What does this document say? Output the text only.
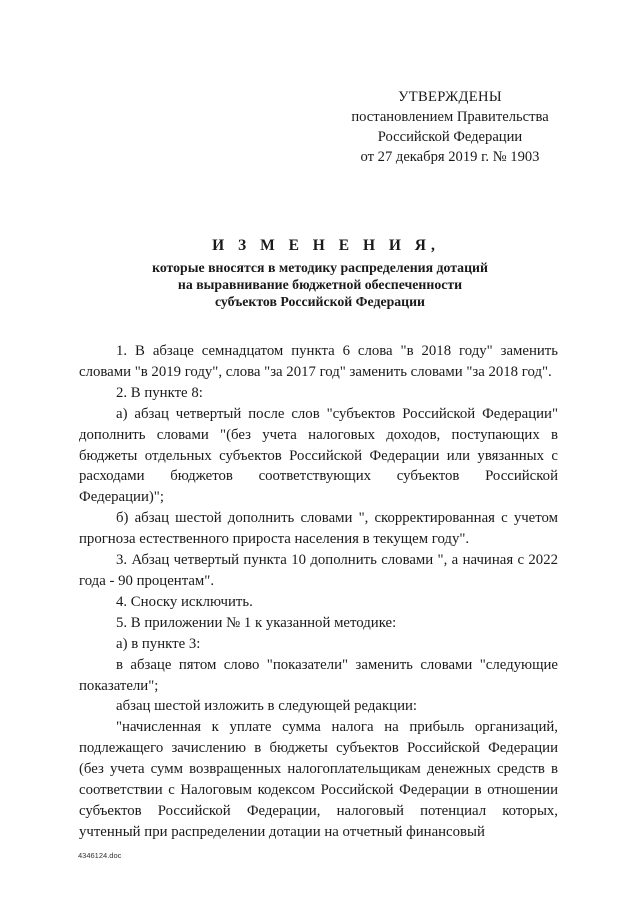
УТВЕРЖДЕНЫ
постановлением Правительства
Российской Федерации
от 27 декабря 2019 г. № 1903
И З М Е Н Е Н И Я,
которые вносятся в методику распределения дотаций
на выравнивание бюджетной обеспеченности
субъектов Российской Федерации

1. В абзаце семнадцатом пункта 6 слова "в 2018 году" заменить словами "в 2019 году", слова "за 2017 год" заменить словами "за 2018 год".

2. В пункте 8:

а) абзац четвертый после слов "субъектов Российской Федерации" дополнить словами "(без учета налоговых доходов, поступающих в бюджеты отдельных субъектов Российской Федерации или увязанных с расходами бюджетов соответствующих субъектов Российской Федерации)";

б) абзац шестой дополнить словами ", скорректированная с учетом прогноза естественного прироста населения в текущем году".

3. Абзац четвертый пункта 10 дополнить словами ", а начиная с 2022 года - 90 процентам".

4. Сноску исключить.

5. В приложении № 1 к указанной методике:

а) в пункте 3:

в абзаце пятом слово "показатели" заменить словами "следующие показатели";

абзац шестой изложить в следующей редакции:

"начисленная к уплате сумма налога на прибыль организаций, подлежащего зачислению в бюджеты субъектов Российской Федерации (без учета сумм возвращенных налогоплательщикам денежных средств в соответствии с Налоговым кодексом Российской Федерации в отношении субъектов Российской Федерации, налоговый потенциал которых, учтенный при распределении дотации на отчетный финансовый

4346124.doc
